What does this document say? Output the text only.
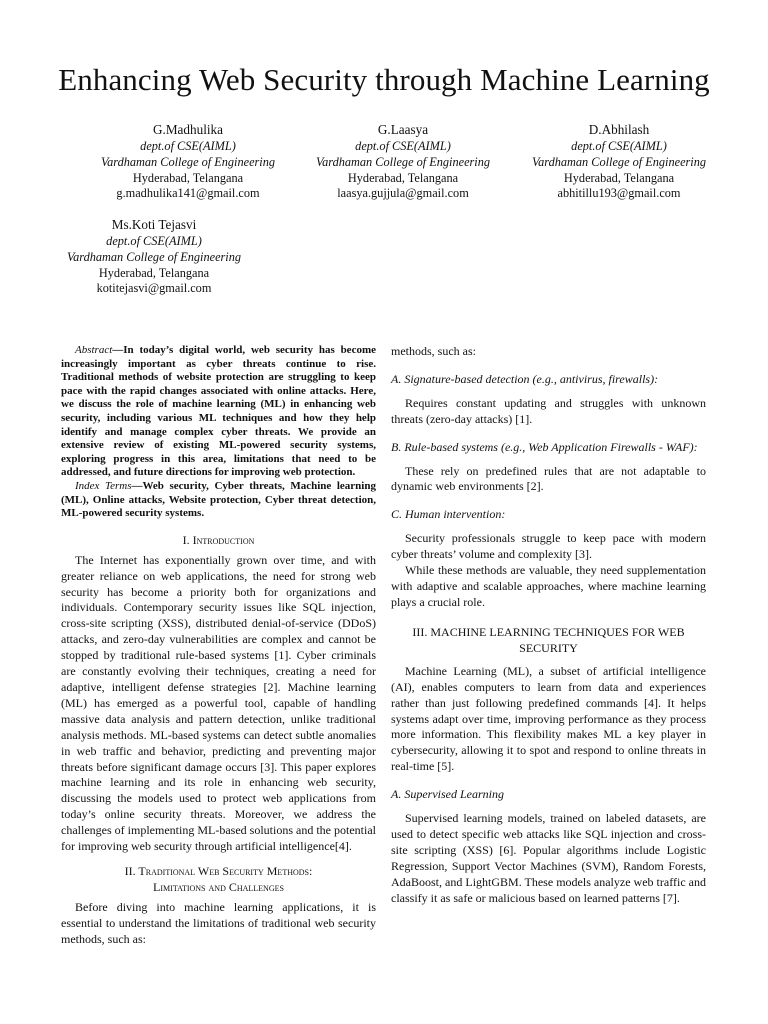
Enhancing Web Security through Machine Learning
G.Madhulika
dept.of CSE(AIML)
Vardhaman College of Engineering
Hyderabad, Telangana
g.madhulika141@gmail.com
G.Laasya
dept.of CSE(AIML)
Vardhaman College of Engineering
Hyderabad, Telangana
laasya.gujjula@gmail.com
D.Abhilash
dept.of CSE(AIML)
Vardhaman College of Engineering
Hyderabad, Telangana
abhitillu193@gmail.com
Ms.Koti Tejasvi
dept.of CSE(AIML)
Vardhaman College of Engineering
Hyderabad, Telangana
kotitejasvi@gmail.com

Abstract—In today’s digital world, web security has become increasingly important as cyber threats continue to rise. Traditional methods of website protection are struggling to keep pace with the rapid changes associated with online attacks. Here, we discuss the role of machine learning (ML) in enhancing web security, including various ML techniques and how they help identify and manage complex cyber threats. We provide an extensive review of existing ML-powered security systems, exploring progress in this area, limitations that need to be addressed, and future directions for improving web protection.

Index Terms—Web security, Cyber threats, Machine learning (ML), Online attacks, Website protection, Cyber threat detection, ML-powered security systems.

I. Introduction

The Internet has exponentially grown over time, and with greater reliance on web applications, the need for strong web security has become a priority both for organizations and individuals. Contemporary security issues like SQL injection, cross-site scripting (XSS), distributed denial-of-service (DDoS) attacks, and zero-day vulnerabilities are complex and cannot be stopped by traditional rule-based systems [1]. Cyber criminals are constantly evolving their techniques, creating a need for adaptive, intelligent defense strategies [2]. Machine learning (ML) has emerged as a powerful tool, capable of handling massive data analysis and pattern detection, unlike traditional analysis methods. ML-based systems can detect subtle anomalies in web traffic and behavior, predicting and preventing major threats before significant damage occurs [3]. This paper explores machine learning and its role in enhancing web security, discussing the models used to protect web applications from today’s online security threats. Moreover, we address the challenges of implementing ML-based solutions and the potential for improving web security through artificial intelligence[4].

II. Traditional Web Security Methods:

Limitations and Challenges

Before diving into machine learning applications, it is essential to understand the limitations of traditional web security methods, such as:

methods, such as:

A. Signature-based detection (e.g., antivirus, firewalls):

Requires constant updating and struggles with unknown threats (zero-day attacks) [1].

B. Rule-based systems (e.g., Web Application Firewalls - WAF):

These rely on predefined rules that are not adaptable to dynamic web environments [2].

C. Human intervention:

Security professionals struggle to keep pace with modern cyber threats’ volume and complexity [3].

While these methods are valuable, they need supplementation with adaptive and scalable approaches, where machine learning plays a crucial role.

III. MACHINE LEARNING TECHNIQUES FOR WEB SECURITY

Machine Learning (ML), a subset of artificial intelligence (AI), enables computers to learn from data and experiences rather than just following predefined commands [4]. It helps systems adapt over time, improving performance as they process more information. This flexibility makes ML a key player in cybersecurity, allowing it to spot and respond to online threats in real-time [5].

A. Supervised Learning

Supervised learning models, trained on labeled datasets, are used to detect specific web attacks like SQL injection and cross-site scripting (XSS) [6]. Popular algorithms include Logistic Regression, Support Vector Machines (SVM), Random Forests, AdaBoost, and LightGBM. These models analyze web traffic and classify it as safe or malicious based on learned patterns [7].
